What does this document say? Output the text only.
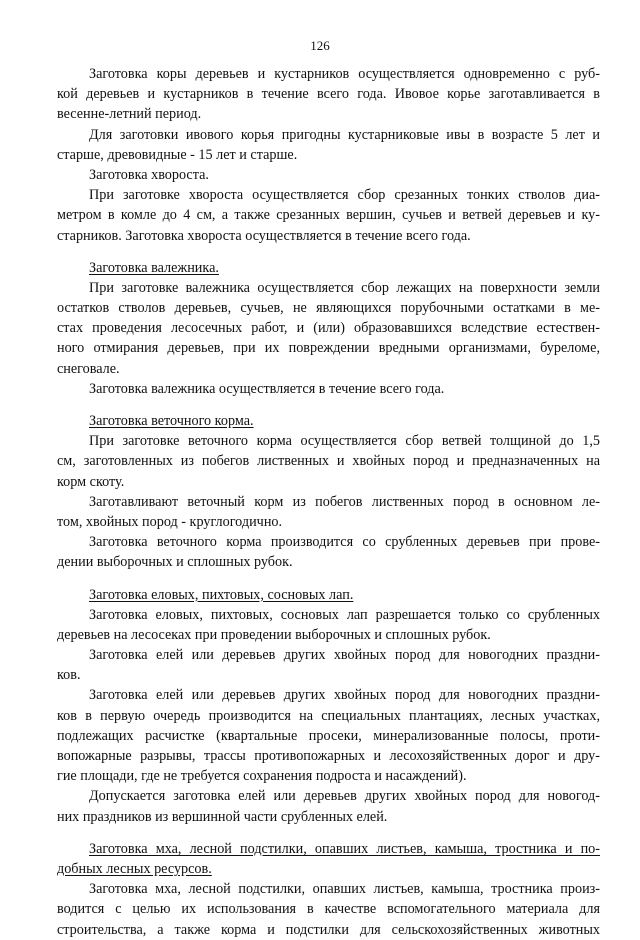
126
Заготовка коры деревьев и кустарников осуществляется одновременно с руб-
кой деревьев и кустарников в течение всего года. Ивовое корье заготавливается в
весенне-летний период.
Для заготовки ивового корья пригодны кустарниковые ивы в возрасте 5 лет и
старше, древовидные - 15 лет и старше.
Заготовка хвороста.
При заготовке хвороста осуществляется сбор срезанных тонких стволов диа-
метром в комле до 4 см, а также срезанных вершин, сучьев и ветвей деревьев и ку-
старников. Заготовка хвороста осуществляется в течение всего года.
Заготовка валежника.
При заготовке валежника осуществляется сбор лежащих на поверхности земли
остатков стволов деревьев, сучьев, не являющихся порубочными остатками в ме-
стах проведения лесосечных работ, и (или) образовавшихся вследствие естествен-
ного отмирания деревьев, при их повреждении вредными организмами, буреломе,
снеговале.
Заготовка валежника осуществляется в течение всего года.
Заготовка веточного корма.
При заготовке веточного корма осуществляется сбор ветвей толщиной до 1,5
см, заготовленных из побегов лиственных и хвойных пород и предназначенных на
корм скоту.
Заготавливают веточный корм из побегов лиственных пород в основном ле-
том, хвойных пород - круглогодично.
Заготовка веточного корма производится со срубленных деревьев при прове-
дении выборочных и сплошных рубок.
Заготовка еловых, пихтовых, сосновых лап.
Заготовка еловых, пихтовых, сосновых лап разрешается только со срубленных
деревьев на лесосеках при проведении выборочных и сплошных рубок.
Заготовка елей или деревьев других хвойных пород для новогодних праздни-
ков.
Заготовка елей или деревьев других хвойных пород для новогодних праздни-
ков в первую очередь производится на специальных плантациях, лесных участках,
подлежащих расчистке (квартальные просеки, минерализованные полосы, проти-
вопожарные разрывы, трассы противопожарных и лесохозяйственных дорог и дру-
гие площади, где не требуется сохранения подроста и насаждений).
Допускается заготовка елей или деревьев других хвойных пород для новогод-
них праздников из вершинной части срубленных елей.
Заготовка мха, лесной подстилки, опавших листьев, камыша, тростника и по-
добных лесных ресурсов.
Заготовка мха, лесной подстилки, опавших листьев, камыша, тростника произ-
водится с целью их использования в качестве вспомогательного материала для
строительства, а также корма и подстилки для сельскохозяйственных животных
